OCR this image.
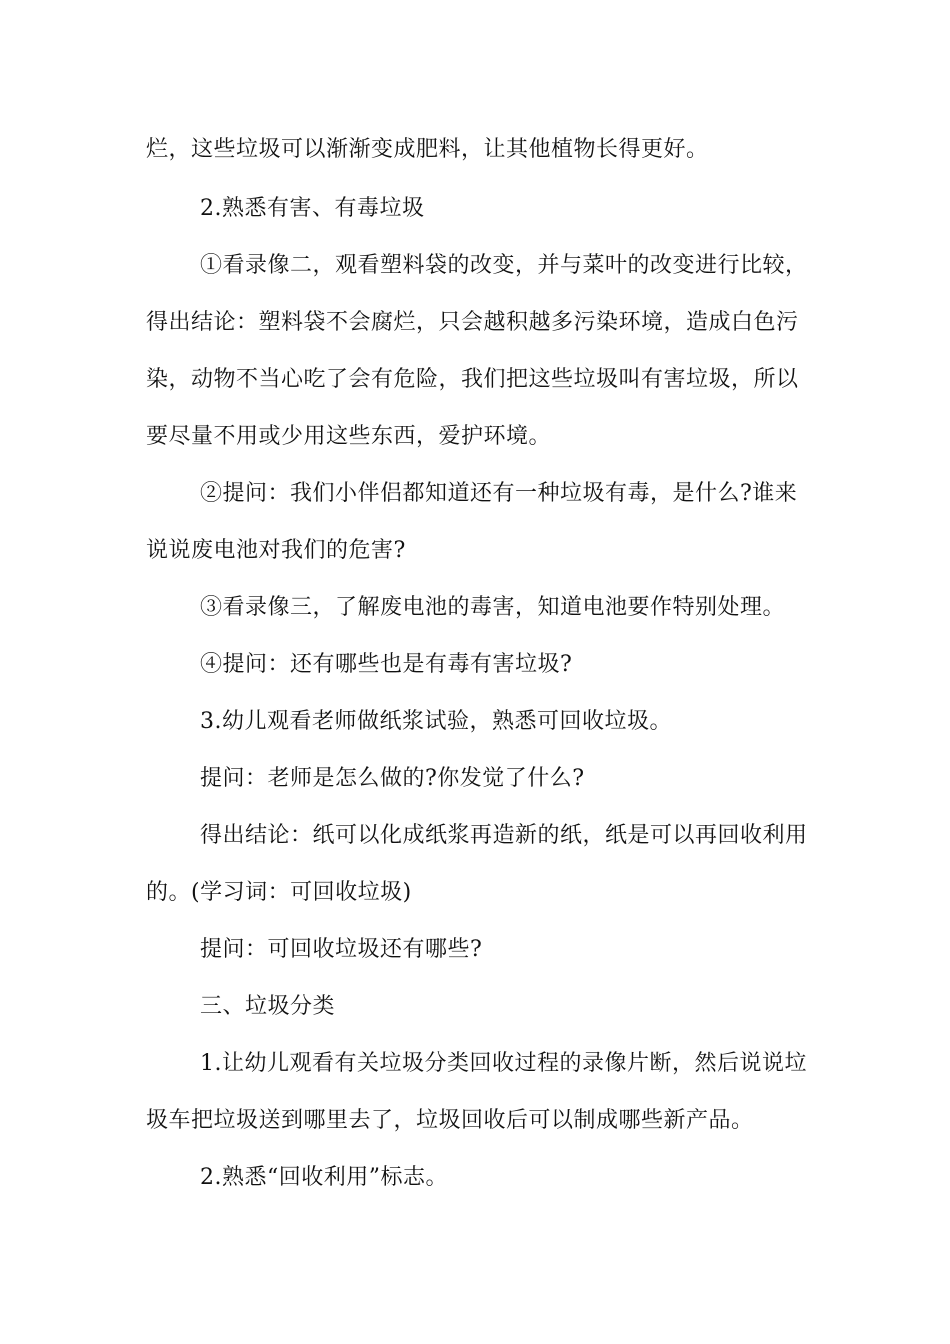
烂，这些垃圾可以渐渐变成肥料，让其他植物长得更好。
2.熟悉有害、有毒垃圾
①看录像二，观看塑料袋的改变，并与菜叶的改变进行比较，
得出结论：塑料袋不会腐烂，只会越积越多污染环境，造成白色污
染，动物不当心吃了会有危险，我们把这些垃圾叫有害垃圾，所以
要尽量不用或少用这些东西，爱护环境。
②提问：我们小伴侣都知道还有一种垃圾有毒，是什么?谁来
说说废电池对我们的危害?
③看录像三，了解废电池的毒害，知道电池要作特别处理。
④提问：还有哪些也是有毒有害垃圾?
3.幼儿观看老师做纸浆试验，熟悉可回收垃圾。
提问：老师是怎么做的?你发觉了什么?
得出结论：纸可以化成纸浆再造新的纸，纸是可以再回收利用
的。(学习词：可回收垃圾)
提问：可回收垃圾还有哪些?
三、垃圾分类
1.让幼儿观看有关垃圾分类回收过程的录像片断，然后说说垃
圾车把垃圾送到哪里去了，垃圾回收后可以制成哪些新产品。
2.熟悉“回收利用”标志。
